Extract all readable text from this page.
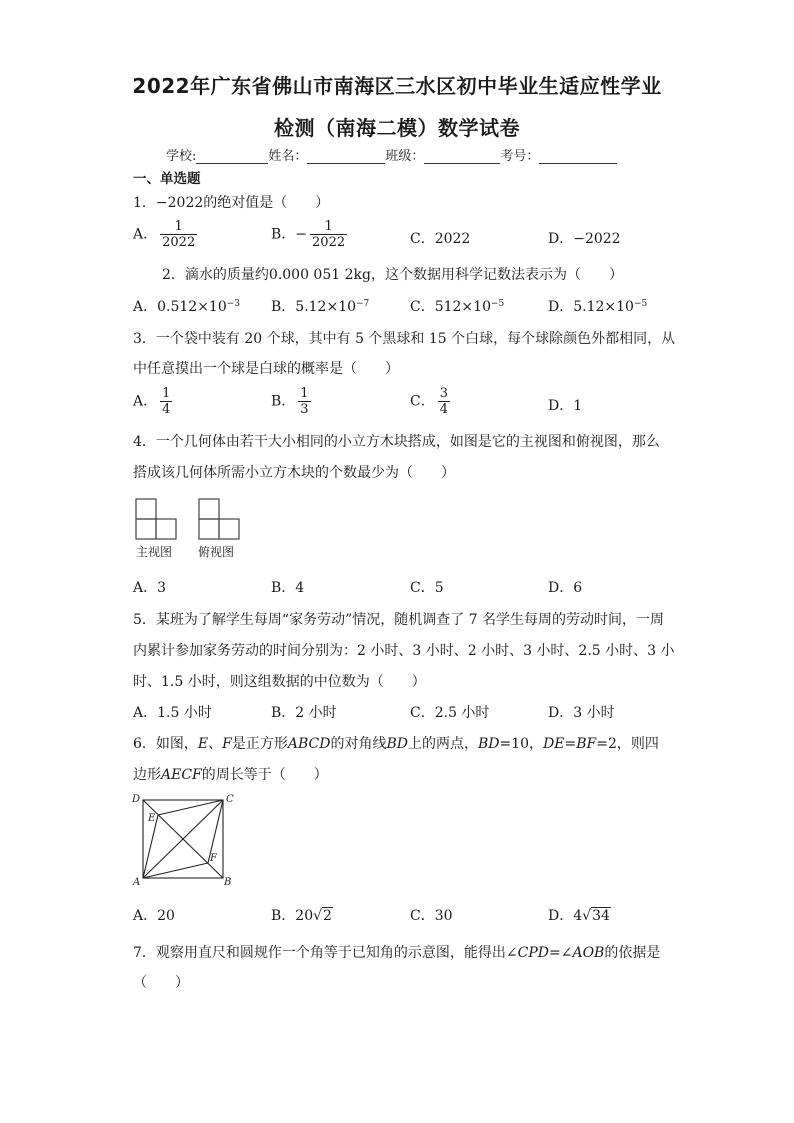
2022年广东省佛山市南海区三水区初中毕业生适应性学业
检测（南海二模）数学试卷
学校:	姓名：	班级：	考号：
一、单选题
1．−2022的绝对值是（　　）
A． $\frac{1}{2022}$	B．− $\frac{1}{2022}$	C．2022	D．−2022
2．滴水的质量约0.000 051 2kg，这个数据用科学记数法表示为（　　）
A．$0.512\times 10^{-3}$ B．$5.12\times 10^{-7}$	C．$512\times 10^{-5}$	D．$5.12\times 10^{-5}$
3．一个袋中装有 20 个球，其中有 5 个黑球和 15 个白球，每个球除颜色外都相同，从
中任意摸出一个球是白球的概率是（　　）
A． $\frac{1}{4}$	B． $\frac{1}{3}$	C． $\frac{3}{4}$	D．1
4．一个几何体由若干大小相同的小立方木块搭成，如图是它的主视图和俯视图，那么
搭成该几何体所需小立方木块的个数最少为（　　）
主视图 俯视图
A．3	B．4	C．5	D．6
5．某班为了解学生每周“家务劳动”情况，随机调查了 7 名学生每周的劳动时间，一周
内累计参加家务劳动的时间分别为：2 小时、3 小时、2 小时、3 小时、2.5 小时、3 小
时、1.5 小时，则这组数据的中位数为（　　）
A．1.5 小时	B．2 小时	C．2.5 小时	D．3 小时
6．如图，E、F是正方形ABCD的对角线BD上的两点，BD=10，DE=BF=2，则四
边形AECF的周长等于（　　）
D	C
E
F
A	B
A．20	B．20√2	C．30	D．4√34
7．观察用直尺和圆规作一个角等于已知角的示意图，能得出∠CPD=∠AOB的依据是
（　　）
